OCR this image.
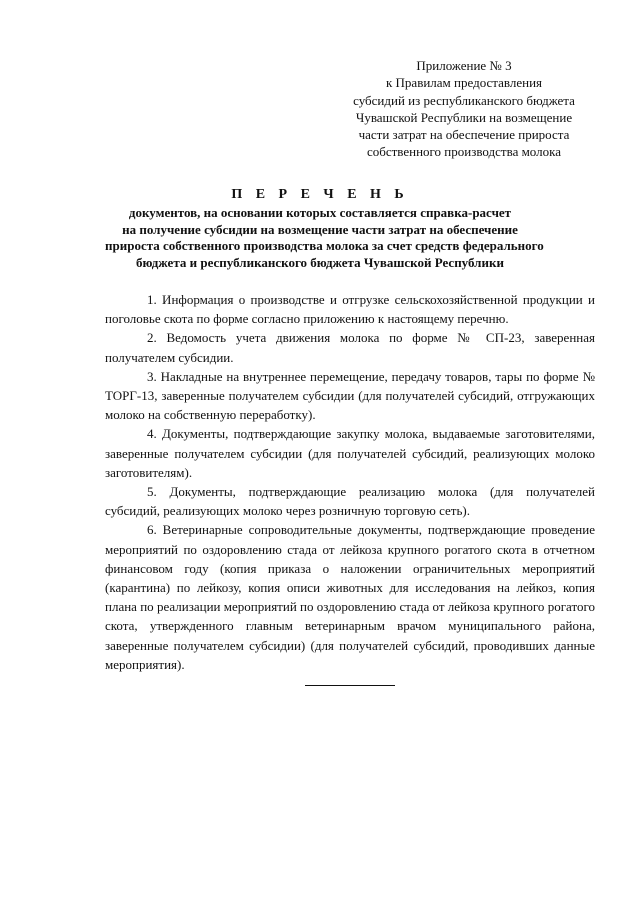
Приложение № 3
к Правилам предоставления
субсидий из республиканского бюджета
Чувашской Республики на возмещение
части затрат на обеспечение прироста
собственного производства молока
П Е Р Е Ч Е Н Ь
документов, на основании которых составляется справка-расчет
на получение субсидии на возмещение части затрат на обеспечение
прироста собственного производства молока за счет средств федерального
бюджета и республиканского бюджета Чувашской Республики

1. Информация о производстве и отгрузке сельскохозяйственной продукции и поголовье скота по форме согласно приложению к настоящему перечню.

2. Ведомость учета движения молока по форме № СП-23, заверенная получателем субсидии.

3. Накладные на внутреннее перемещение, передачу товаров, тары по форме № ТОРГ-13, заверенные получателем субсидии (для получателей субсидий, отгружающих молоко на собственную переработку).

4. Документы, подтверждающие закупку молока, выдаваемые заготовителями, заверенные получателем субсидии (для получателей субсидий, реализующих молоко заготовителям).

5. Документы, подтверждающие реализацию молока (для получателей субсидий, реализующих молоко через розничную торговую сеть).

6. Ветеринарные сопроводительные документы, подтверждающие проведение мероприятий по оздоровлению стада от лейкоза крупного рогатого скота в отчетном финансовом году (копия приказа о наложении ограничительных мероприятий (карантина) по лейкозу, копия описи животных для исследования на лейкоз, копия плана по реализации мероприятий по оздоровлению стада от лейкоза крупного рогатого скота, утвержденного главным ветеринарным врачом муниципального района, заверенные получателем субсидии) (для получателей субсидий, проводивших данные мероприятия).
